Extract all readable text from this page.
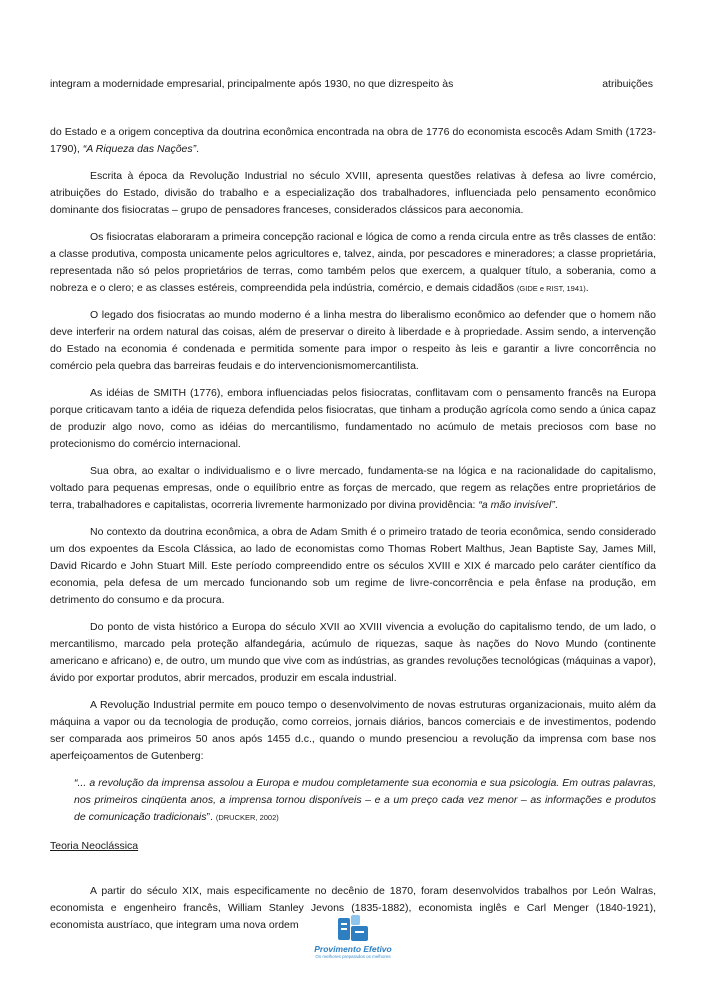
integram a modernidade empresarial, principalmente após 1930, no que dizrespeito às	atribuições

do Estado e a origem conceptiva da doutrina econômica encontrada na obra de 1776 do economista escocês Adam Smith (1723-1790), “A Riqueza das Nações”.

Escrita à época da Revolução Industrial no século XVIII, apresenta questões relativas à defesa ao livre comércio, atribuições do Estado, divisão do trabalho e a especialização dos trabalhadores, influenciada pelo pensamento econômico dominante dos fisiocratas – grupo de pensadores franceses, considerados clássicos para aeconomia.

Os fisiocratas elaboraram a primeira concepção racional e lógica de como a renda circula entre as três classes de então: a classe produtiva, composta unicamente pelos agricultores e, talvez, ainda, por pescadores e mineradores; a classe proprietária, representada não só pelos proprietários de terras, como também pelos que exercem, a qualquer título, a soberania, como a nobreza e o clero; e as classes estéreis, compreendida pela indústria, comércio, e demais cidadãos (GIDE e RIST, 1941).

O legado dos fisiocratas ao mundo moderno é a linha mestra do liberalismo econômico ao defender que o homem não deve interferir na ordem natural das coisas, além de preservar o direito à liberdade e à propriedade. Assim sendo, a intervenção do Estado na economia é condenada e permitida somente para impor o respeito às leis e garantir a livre concorrência no comércio pela quebra das barreiras feudais e do intervencionismomercantilista.

As idéias de SMITH (1776), embora influenciadas pelos fisiocratas, conflitavam com o pensamento francês na Europa porque criticavam tanto a idéia de riqueza defendida pelos fisiocratas, que tinham a produção agrícola como sendo a única capaz de produzir algo novo, como as idéias do mercantilismo, fundamentado no acúmulo de metais preciosos com base no protecionismo do comércio internacional.

Sua obra, ao exaltar o individualismo e o livre mercado, fundamenta-se na lógica e na racionalidade do capitalismo, voltado para pequenas empresas, onde o equilíbrio entre as forças de mercado, que regem as relações entre proprietários de terra, trabalhadores e capitalistas, ocorreria livremente harmonizado por divina providência: “a mão invisível”.

No contexto da doutrina econômica, a obra de Adam Smith é o primeiro tratado de teoria econômica, sendo considerado um dos expoentes da Escola Clássica, ao lado de economistas como Thomas Robert Malthus, Jean Baptiste Say, James Mill, David Ricardo e John Stuart Mill. Este período compreendido entre os séculos XVIII e XIX é marcado pelo caráter científico da economia, pela defesa de um mercado funcionando sob um regime de livre-concorrência e pela ênfase na produção, em detrimento do consumo e da procura.

Do ponto de vista histórico a Europa do século XVII ao XVIII vivencia a evolução do capitalismo tendo, de um lado, o mercantilismo, marcado pela proteção alfandegária, acúmulo de riquezas, saque às nações do Novo Mundo (continente americano e africano) e, de outro, um mundo que vive com as indústrias, as grandes revoluções tecnológicas (máquinas a vapor), ávido por exportar produtos, abrir mercados, produzir em escala industrial.

A Revolução Industrial permite em pouco tempo o desenvolvimento de novas estruturas organizacionais, muito além da máquina a vapor ou da tecnologia de produção, como correios, jornais diários, bancos comerciais e de investimentos, podendo ser comparada aos primeiros 50 anos após 1455 d.c., quando o mundo presenciou a revolução da imprensa com base nos aperfeiçoamentos de Gutenberg:

“... a revolução da imprensa assolou a Europa e mudou completamente sua economia e sua psicologia. Em outras palavras, nos primeiros cinqüenta anos, a imprensa tornou disponíveis – e a um preço cada vez menor – as informações e produtos de comunicação tradicionais”. (DRUCKER, 2002)
Teoria Neoclássica

A partir do século XIX, mais especificamente no decênio de 1870, foram desenvolvidos trabalhos por León Walras, economista e engenheiro francês, William Stanley Jevons (1835-1882), economista inglês e Carl Menger (1840-1921), economista austríaco, que integram uma nova ordem

Provimento Efetivo
Os melhores preparados os melhores
